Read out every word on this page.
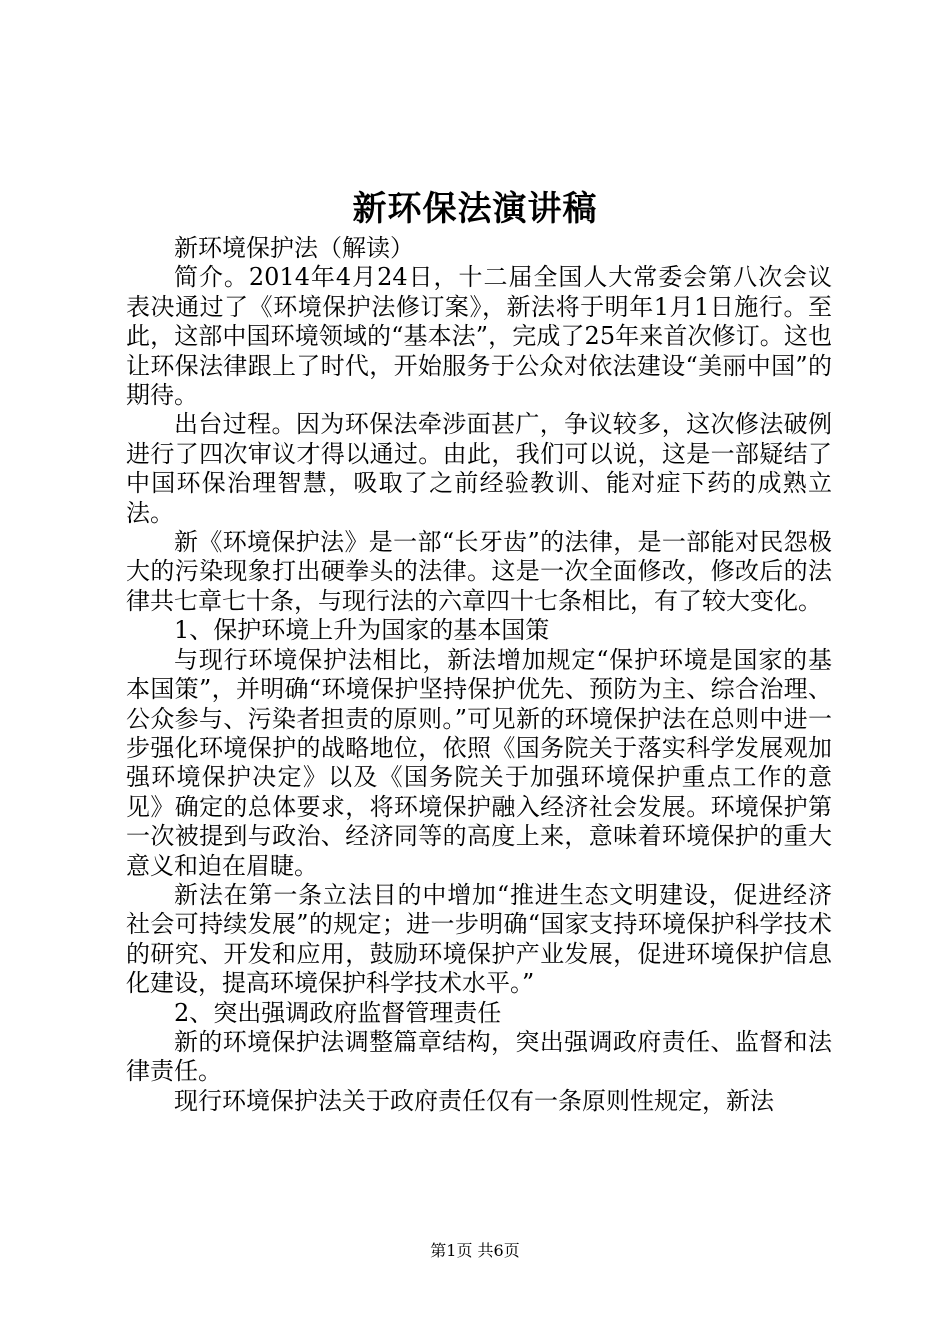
新环保法演讲稿

新环境保护法（解读）

简介。2014年4月24日，十二届全国人大常委会第八次会议表决通过了《环境保护法修订案》，新法将于明年1月1日施行。至此，这部中国环境领域的“基本法”，完成了25年来首次修订。这也让环保法律跟上了时代，开始服务于公众对依法建设“美丽中国”的期待。

出台过程。因为环保法牵涉面甚广，争议较多，这次修法破例进行了四次审议才得以通过。由此，我们可以说，这是一部疑结了中国环保治理智慧，吸取了之前经验教训、能对症下药的成熟立法。

新《环境保护法》是一部“长牙齿”的法律，是一部能对民怨极大的污染现象打出硬拳头的法律。这是一次全面修改，修改后的法律共七章七十条，与现行法的六章四十七条相比，有了较大变化。

1、保护环境上升为国家的基本国策

与现行环境保护法相比，新法增加规定“保护环境是国家的基本国策”，并明确“环境保护坚持保护优先、预防为主、综合治理、公众参与、污染者担责的原则。”可见新的环境保护法在总则中进一步强化环境保护的战略地位，依照《国务院关于落实科学发展观加强环境保护决定》以及《国务院关于加强环境保护重点工作的意见》确定的总体要求，将环境保护融入经济社会发展。环境保护第一次被提到与政治、经济同等的高度上来，意味着环境保护的重大意义和迫在眉睫。

新法在第一条立法目的中增加“推进生态文明建设，促进经济社会可持续发展”的规定；进一步明确“国家支持环境保护科学技术的研究、开发和应用，鼓励环境保护产业发展，促进环境保护信息化建设，提高环境保护科学技术水平。”

2、突出强调政府监督管理责任

新的环境保护法调整篇章结构，突出强调政府责任、监督和法律责任。

现行环境保护法关于政府责任仅有一条原则性规定，新法

第1页 共6页
